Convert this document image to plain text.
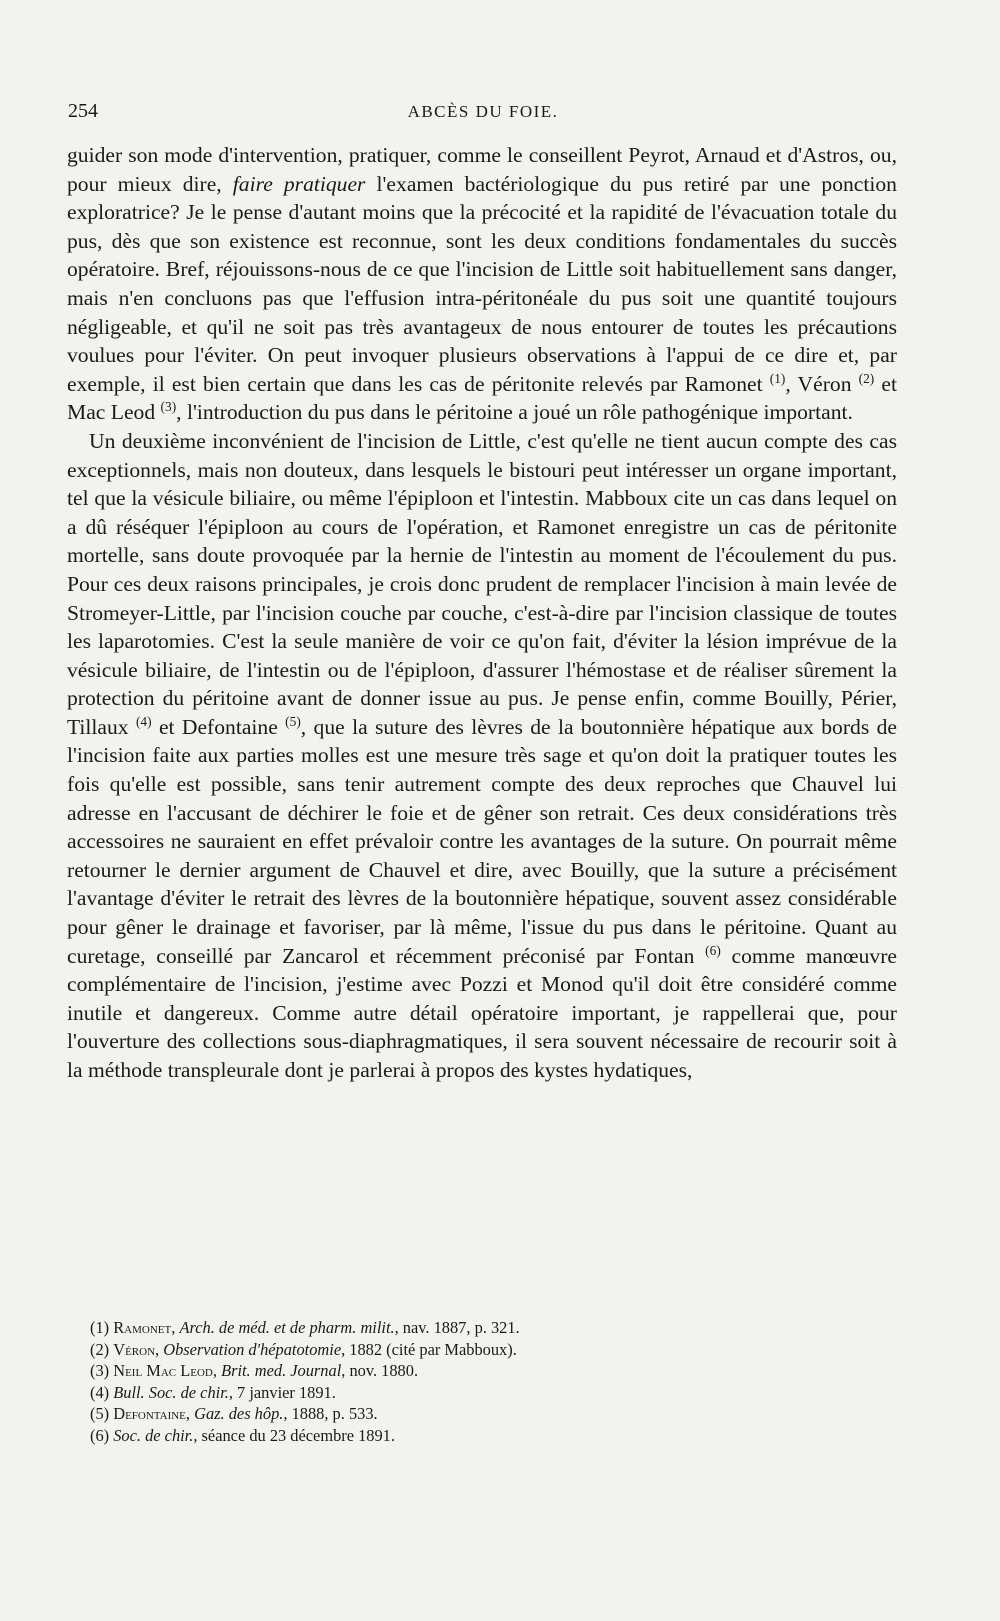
254	ABCÈS DU FOIE.

guider son mode d'intervention, pratiquer, comme le conseillent Peyrot, Arnaud et d'Astros, ou, pour mieux dire, faire pratiquer l'examen bactériologique du pus retiré par une ponction exploratrice? Je le pense d'autant moins que la précocité et la rapidité de l'évacuation totale du pus, dès que son existence est reconnue, sont les deux conditions fondamentales du succès opératoire. Bref, réjouissons-nous de ce que l'incision de Little soit habituellement sans danger, mais n'en concluons pas que l'effusion intra-péritonéale du pus soit une quantité toujours négligeable, et qu'il ne soit pas très avantageux de nous entourer de toutes les précautions voulues pour l'éviter. On peut invoquer plusieurs observations à l'appui de ce dire et, par exemple, il est bien certain que dans les cas de péritonite relevés par Ramonet $^{(1)}$, Véron $^{(2)}$ et Mac Leod $^{(3)}$, l'introduction du pus dans le péritoine a joué un rôle pathogénique important.

Un deuxième inconvénient de l'incision de Little, c'est qu'elle ne tient aucun compte des cas exceptionnels, mais non douteux, dans lesquels le bistouri peut intéresser un organe important, tel que la vésicule biliaire, ou même l'épiploon et l'intestin. Mabboux cite un cas dans lequel on a dû réséquer l'épiploon au cours de l'opération, et Ramonet enregistre un cas de péritonite mortelle, sans doute provoquée par la hernie de l'intestin au moment de l'écoulement du pus. Pour ces deux raisons principales, je crois donc prudent de remplacer l'incision à main levée de Stromeyer-Little, par l'incision couche par couche, c'est-à-dire par l'incision classique de toutes les laparotomies. C'est la seule manière de voir ce qu'on fait, d'éviter la lésion imprévue de la vésicule biliaire, de l'intestin ou de l'épiploon, d'assurer l'hémostase et de réaliser sûrement la protection du péritoine avant de donner issue au pus. Je pense enfin, comme Bouilly, Périer, Tillaux $^{(4)}$ et Defontaine $^{(5)}$, que la suture des lèvres de la boutonnière hépatique aux bords de l'incision faite aux parties molles est une mesure très sage et qu'on doit la pratiquer toutes les fois qu'elle est possible, sans tenir autrement compte des deux reproches que Chauvel lui adresse en l'accusant de déchirer le foie et de gêner son retrait. Ces deux considérations très accessoires ne sauraient en effet prévaloir contre les avantages de la suture. On pourrait même retourner le dernier argument de Chauvel et dire, avec Bouilly, que la suture a précisément l'avantage d'éviter le retrait des lèvres de la boutonnière hépatique, souvent assez considérable pour gêner le drainage et favoriser, par là même, l'issue du pus dans le péritoine. Quant au curetage, conseillé par Zancarol et récemment préconisé par Fontan $^{(6)}$ comme manœuvre complémentaire de l'incision, j'estime avec Pozzi et Monod qu'il doit être considéré comme inutile et dangereux. Comme autre détail opératoire important, je rappellerai que, pour l'ouverture des collections sous-diaphragmatiques, il sera souvent nécessaire de recourir soit à la méthode transpleurale dont je parlerai à propos des kystes hydatiques,

(1) Ramonet, Arch. de méd. et de pharm. milit., nav. 1887, p. 321.
(2) Véron, Observation d'hépatotomie, 1882 (cité par Mabboux).
(3) Neil Mac Leod, Brit. med. Journal, nov. 1880.
(4) Bull. Soc. de chir., 7 janvier 1891.
(5) Defontaine, Gaz. des hôp., 1888, p. 533.
(6) Soc. de chir., séance du 23 décembre 1891.
